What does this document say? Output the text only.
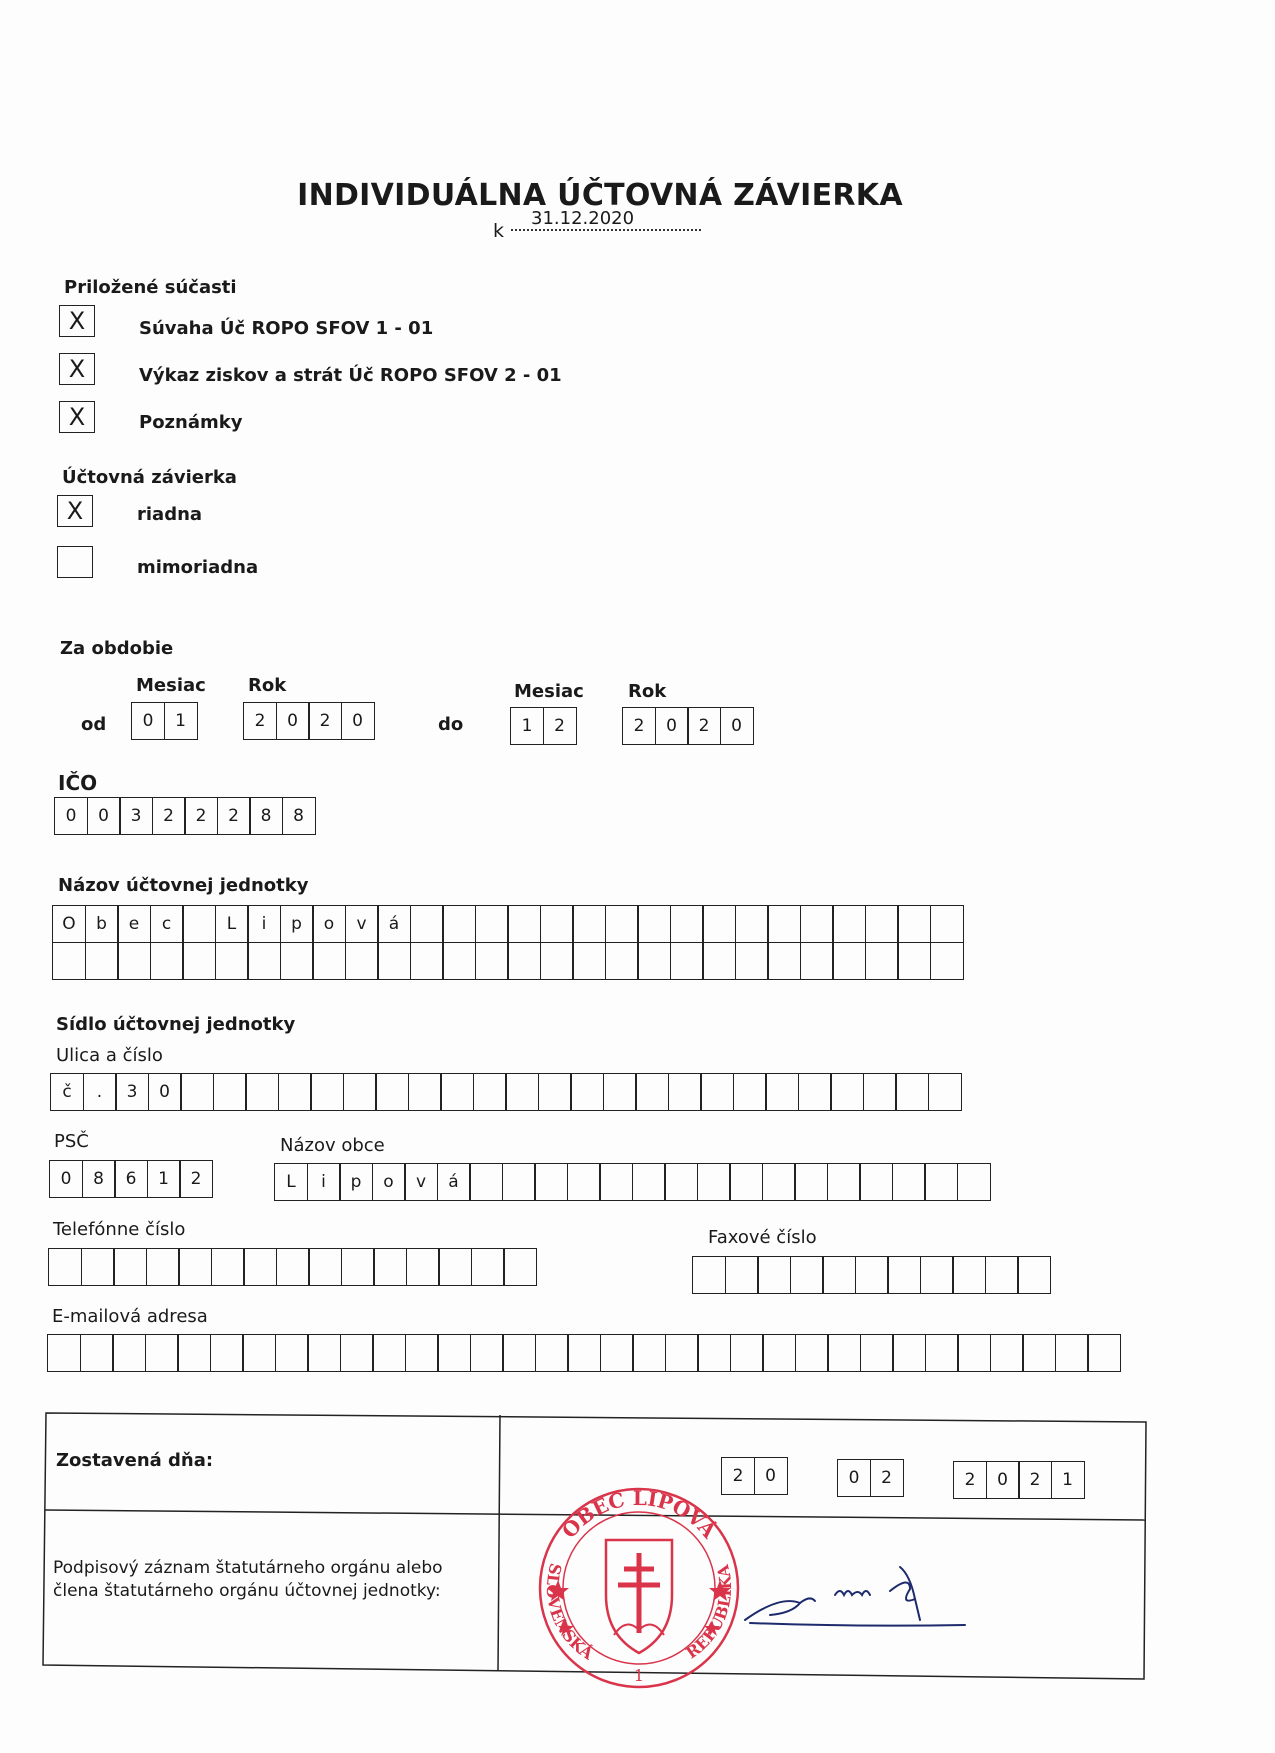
INDIVIDUÁLNA ÚČTOVNÁ ZÁVIERKA
k
31.12.2020
Priložené súčasti
X	Súvaha Úč ROPO SFOV 1 - 01
X	Výkaz ziskov a strát Úč ROPO SFOV 2 - 01
X	Poznámky
Účtovná závierka
X	riadna
mimoriadna
Za obdobie
Mesiac Rok
od	0	1	2	0	2	0
Mesiac Rok
do	1	2	2	0	2	0
IČO
0	0	3	2	2	2	8	8
Názov účtovnej jednotky
O	b	e	c	L	i	p	o	v	á
Sídlo účtovnej jednotky
Ulica a číslo
č	.	3	0
PSČ
0	8	6	1	2
Názov obce
L	i	p	o	v	á
Telefónne číslo	Faxové číslo
E-mailová adresa
Zostavená dňa:
2	0	0	2	2	0	2	1
Podpisový záznam štatutárneho orgánu alebo
člena štatutárneho orgánu účtovnej jednotky:
OBEC LIPOVÁ
SLOVENSKÁ	REPUBLIKA
1
